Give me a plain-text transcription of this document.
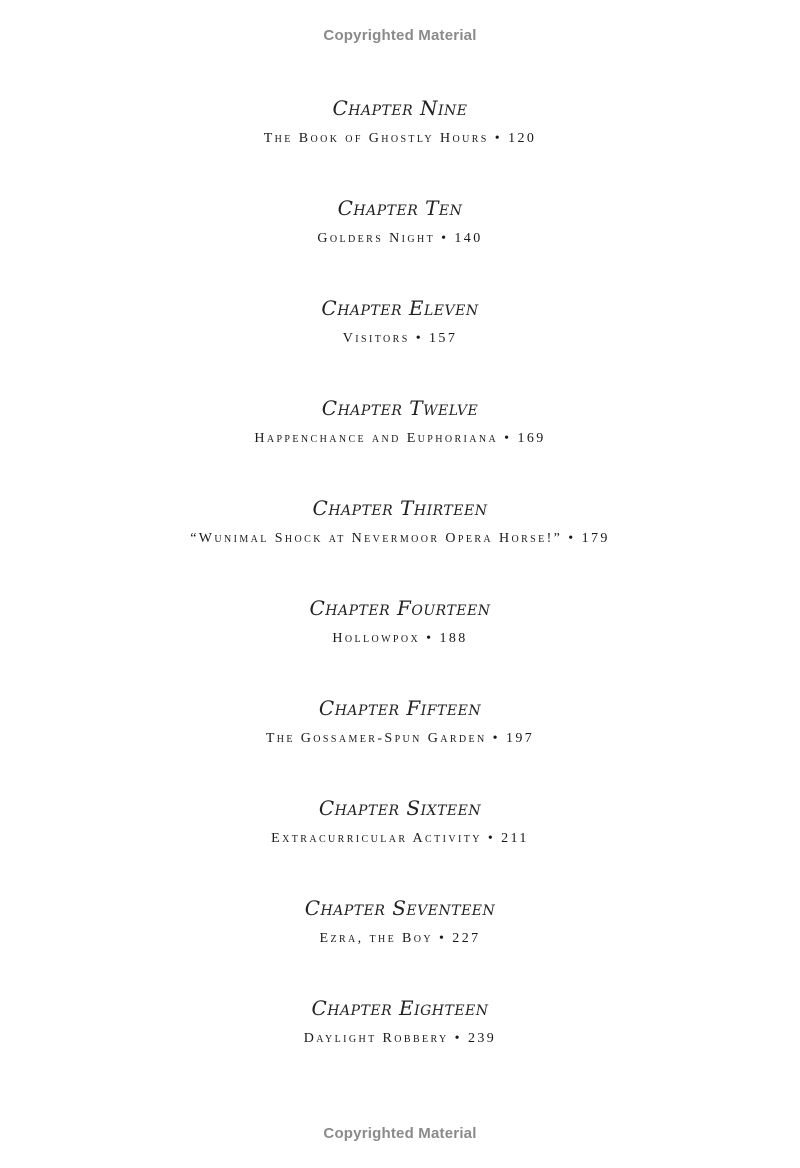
Copyrighted Material
Chapter Nine
The Book of Ghostly Hours • 120
Chapter Ten
Golders Night • 140
Chapter Eleven
Visitors • 157
Chapter Twelve
Happenchance and Euphoriana • 169
Chapter Thirteen
“Wunimal Shock at Nevermoor Opera Horse!” • 179
Chapter Fourteen
Hollowpox • 188
Chapter Fifteen
The Gossamer-Spun Garden • 197
Chapter Sixteen
Extracurricular Activity • 211
Chapter Seventeen
Ezra, the Boy • 227
Chapter Eighteen
Daylight Robbery • 239
Copyrighted Material
